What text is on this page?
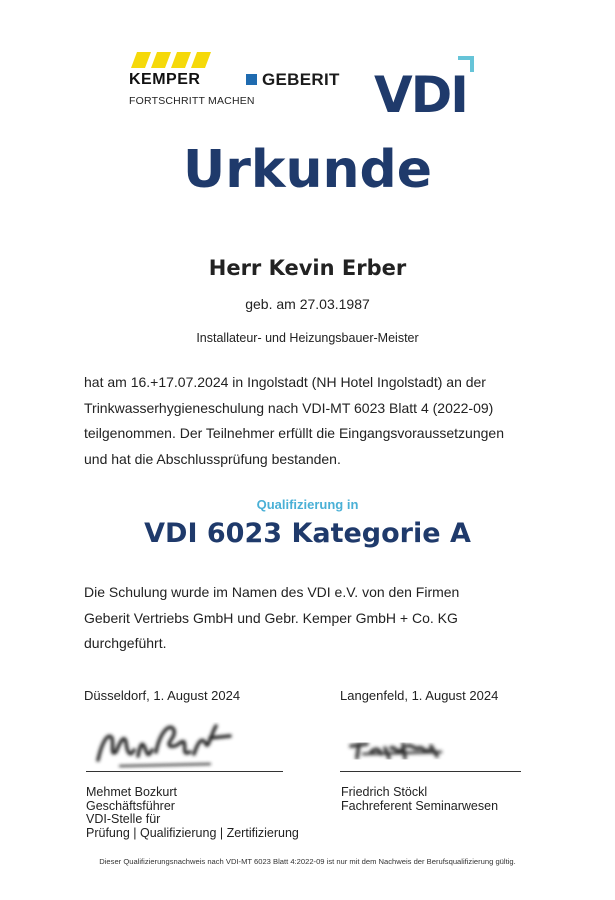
KEMPER
FORTSCHRITT MACHEN
GEBERIT VDI
Urkunde
Herr Kevin Erber
geb. am 27.03.1987
Installateur- und Heizungsbauer-Meister
hat am 16.+17.07.2024 in Ingolstadt (NH Hotel Ingolstadt) an der
Trinkwasserhygieneschulung nach VDI-MT 6023 Blatt 4 (2022-09)
teilgenommen. Der Teilnehmer erfüllt die Eingangsvoraussetzungen
und hat die Abschlussprüfung bestanden.
Qualifizierung in
VDI 6023 Kategorie A
Die Schulung wurde im Namen des VDI e.V. von den Firmen
Geberit Vertriebs GmbH und Gebr. Kemper GmbH + Co. KG
durchgeführt.
Düsseldorf, 1. August 2024	Langenfeld, 1. August 2024
Mehmet Bozkurt
Geschäftsführer
VDI-Stelle für
Prüfung | Qualifizierung | Zertifizierung
Friedrich Stöckl
Fachreferent Seminarwesen
Dieser Qualifizierungsnachweis nach VDI-MT 6023 Blatt 4:2022-09 ist nur mit dem Nachweis der Berufsqualifizierung gültig.
